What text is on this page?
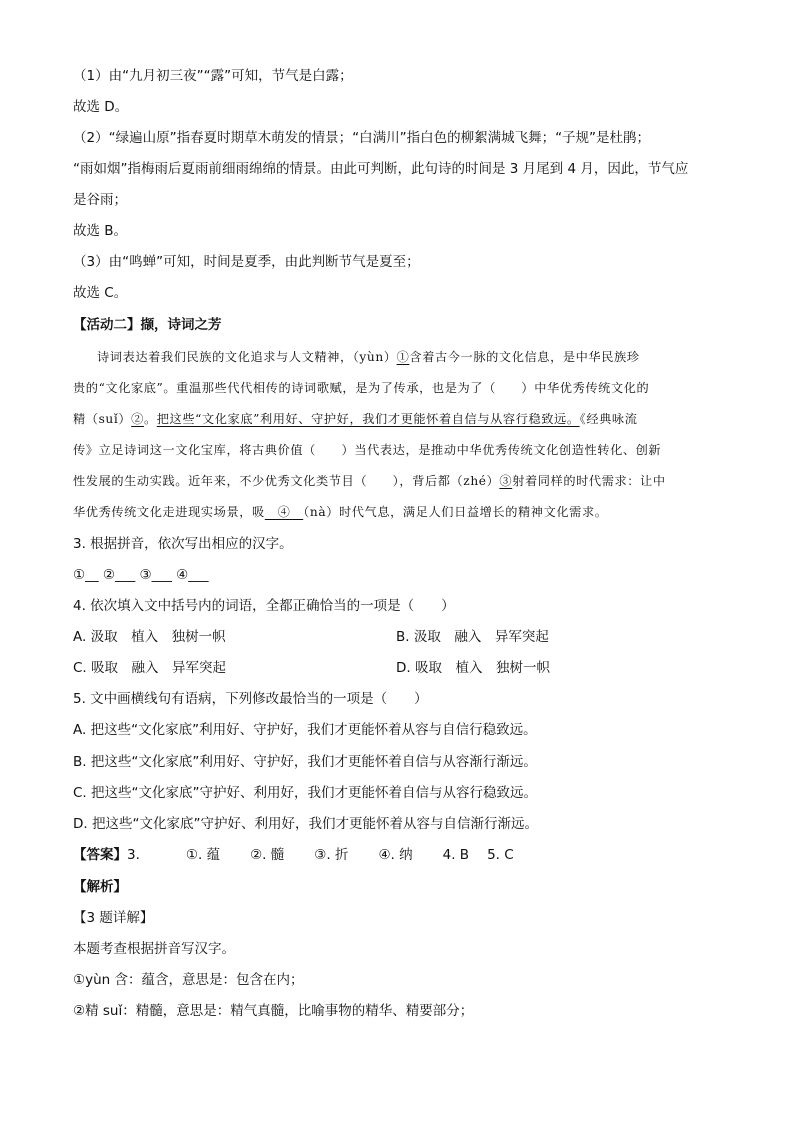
（1）由“九月初三夜”“露”可知，节气是白露；
故选 D。
（2）“绿遍山原”指春夏时期草木萌发的情景；“白满川”指白色的柳絮满城飞舞；“子规”是杜鹃；
“雨如烟”指梅雨后夏雨前细雨绵绵的情景。由此可判断，此句诗的时间是 3 月尾到 4 月，因此，节气应
是谷雨；
故选 B。
（3）由“鸣蝉”可知，时间是夏季，由此判断节气是夏至；
故选 C。
【活动二】撷，诗词之芳
诗词表达着我们民族的文化追求与人文精神，（yùn）①含着古今一脉的文化信息，是中华民族珍
贵的“文化家底”。重温那些代代相传的诗词歌赋，是为了传承，也是为了（　　）中华优秀传统文化的
精（suǐ）②。把这些“文化家底”利用好、守护好，我们才更能怀着自信与从容行稳致远。《经典咏流
传》立足诗词这一文化宝库，将古典价值（　　）当代表达，是推动中华优秀传统文化创造性转化、创新
性发展的生动实践。近年来，不少优秀文化类节目（　　），背后都（zhé）③射着同样的时代需求：让中
华优秀传统文化走进现实场景，吸　④　（nà）时代气息，满足人们日益增长的精神文化需求。
3. 根据拼音，依次写出相应的汉字。
①__ ②___ ③___ ④___
4. 依次填入文中括号内的词语，全都正确恰当的一项是（　　）
A. 汲取　植入　独树一帜	B. 汲取　融入　异军突起
C. 吸取　融入　异军突起	D. 吸取　植入　独树一帜
5. 文中画横线句有语病，下列修改最恰当的一项是（　　）
A. 把这些“文化家底”利用好、守护好，我们才更能怀着从容与自信行稳致远。
B. 把这些“文化家底”利用好、守护好，我们才更能怀着自信与从容渐行渐远。
C. 把这些“文化家底”守护好、利用好，我们才更能怀着自信与从容行稳致远。
D. 把这些“文化家底”守护好、利用好，我们才更能怀着从容与自信渐行渐远。
【答案】3.	①. 蕴 ②. 髓 ③. 折 ④. 纳 4. B 5. C
【解析】
【3 题详解】
本题考查根据拼音写汉字。
①yùn 含：蕴含，意思是：包含在内；
②精 suǐ：精髓，意思是：精气真髓，比喻事物的精华、精要部分；
